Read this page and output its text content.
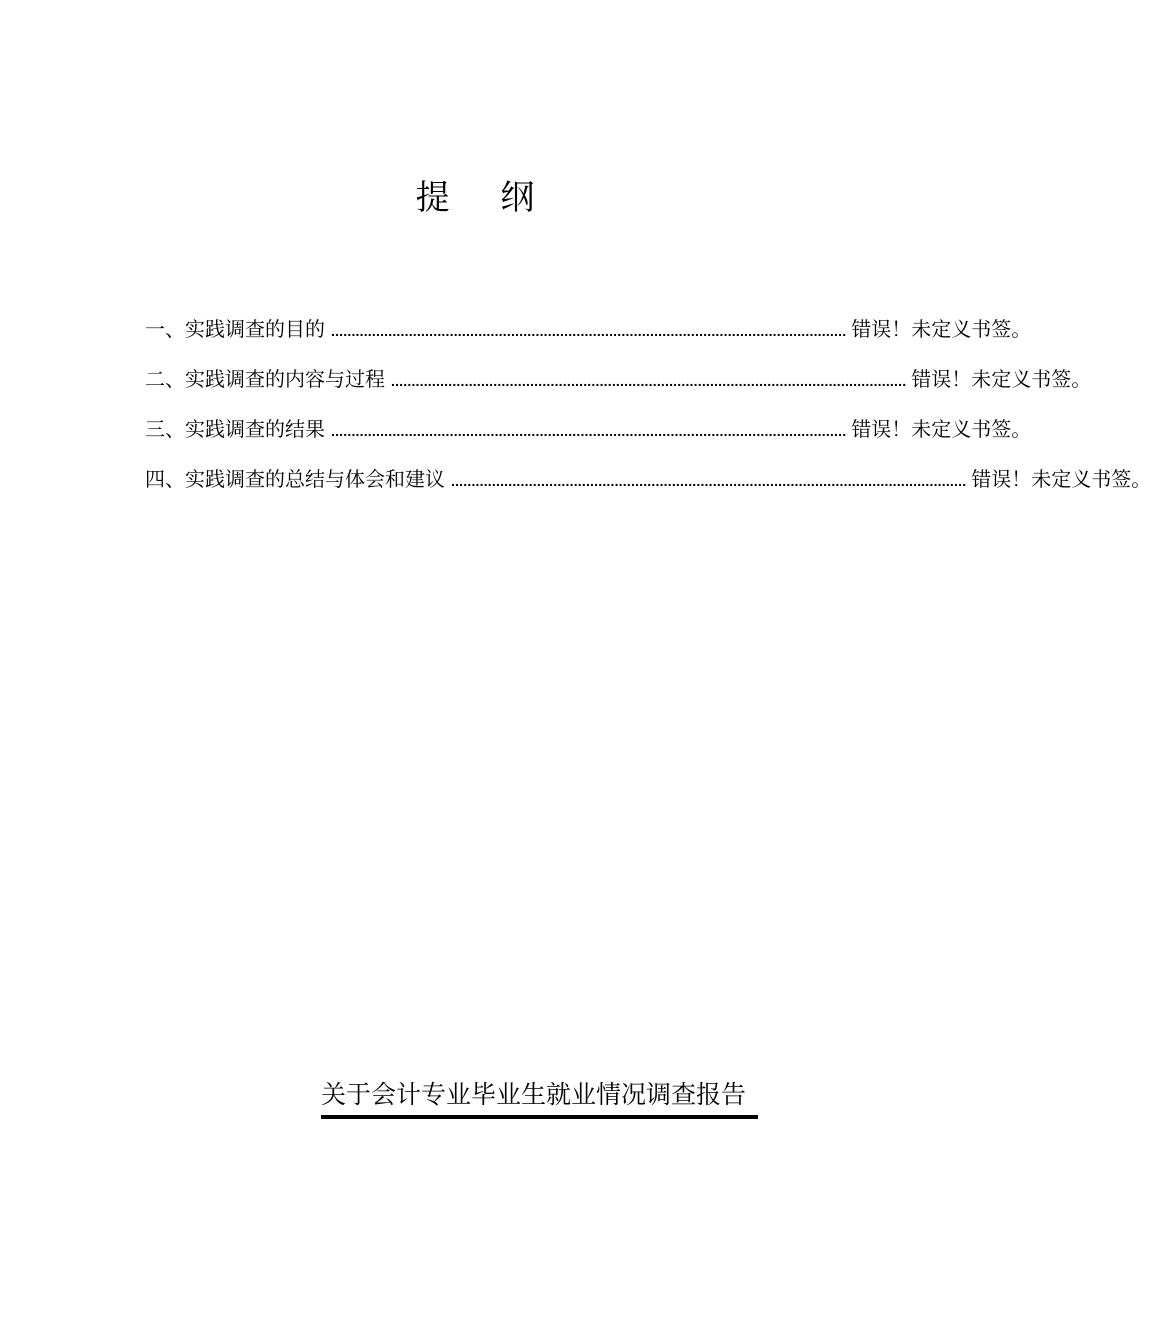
提 纲
一、实践调查的目的 .............................................................................................................................. 错误！未定义书签。
二、实践调查的内容与过程 .............................................................................................................................. 错误！未定义书签。
三、实践调查的结果 .............................................................................................................................. 错误！未定义书签。
四、实践调查的总结与体会和建议 .............................................................................................................................. 错误！未定义书签。
关于会计专业毕业生就业情况调查报告
